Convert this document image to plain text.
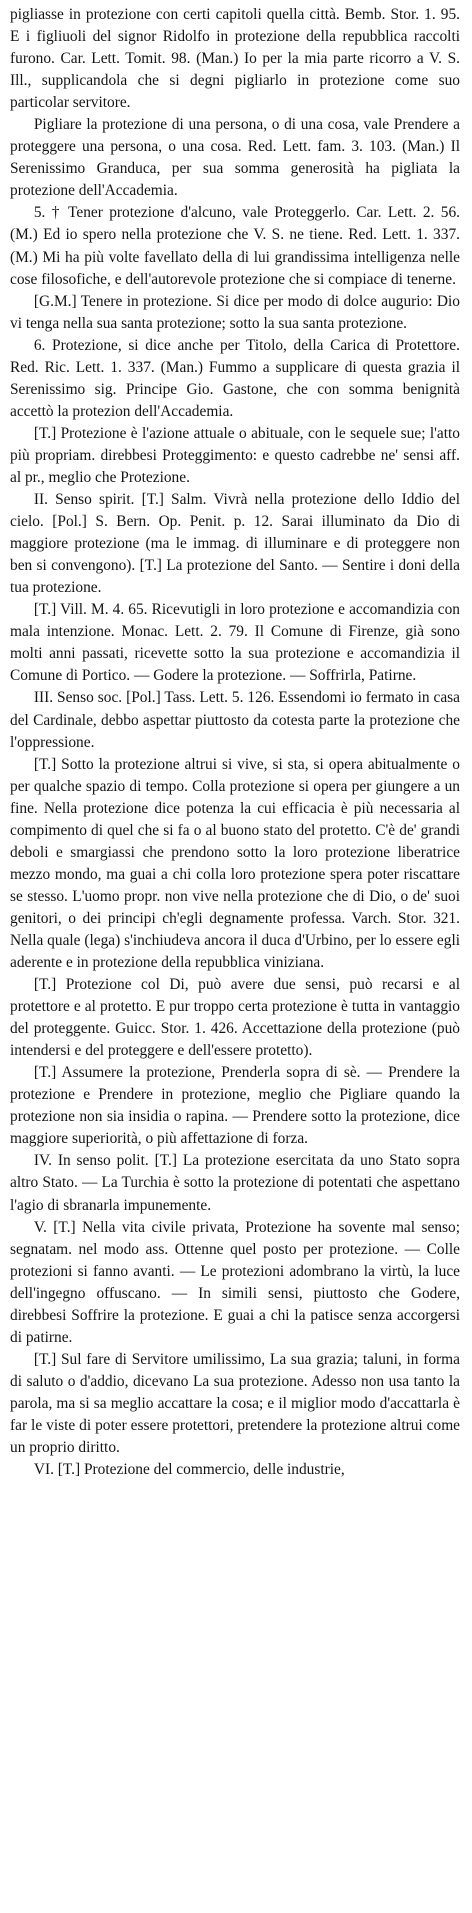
pigliasse in protezione con certi capitoli quella città. Bemb. Stor. 1. 95. E i figliuoli del signor Ridolfo in protezione della repubblica raccolti furono. Car. Lett. Tomit. 98. (Man.) Io per la mia parte ricorro a V. S. Ill., supplicandola che si degni pigliarlo in protezione come suo particolar servitore.

Pigliare la protezione di una persona, o di una cosa, vale Prendere a proteggere una persona, o una cosa. Red. Lett. fam. 3. 103. (Man.) Il Serenissimo Granduca, per sua somma generosità ha pigliata la protezione dell'Accademia.

5. † Tener protezione d'alcuno, vale Proteggerlo. Car. Lett. 2. 56. (M.) Ed io spero nella protezione che V. S. ne tiene. Red. Lett. 1. 337. (M.) Mi ha più volte favellato della di lui grandissima intelligenza nelle cose filosofiche, e dell'autorevole protezione che si compiace di tenerne.

[G.M.] Tenere in protezione. Si dice per modo di dolce augurio: Dio vi tenga nella sua santa protezione; sotto la sua santa protezione.

6. Protezione, si dice anche per Titolo, della Carica di Protettore. Red. Ric. Lett. 1. 337. (Man.) Fummo a supplicare di questa grazia il Serenissimo sig. Principe Gio. Gastone, che con somma benignità accettò la protezion dell'Accademia.

[T.] Protezione è l'azione attuale o abituale, con le sequele sue; l'atto più propriam. direbbesi Proteggimento: e questo cadrebbe ne' sensi aff. al pr., meglio che Protezione.

II. Senso spirit. [T.] Salm. Vivrà nella protezione dello Iddio del cielo. [Pol.] S. Bern. Op. Penit. p. 12. Sarai illuminato da Dio di maggiore protezione (ma le immag. di illuminare e di proteggere non ben si convengono). [T.] La protezione del Santo. — Sentire i doni della tua protezione.

[T.] Vill. M. 4. 65. Ricevutigli in loro protezione e accomandizia con mala intenzione. Monac. Lett. 2. 79. Il Comune di Firenze, già sono molti anni passati, ricevette sotto la sua protezione e accomandizia il Comune di Portico. — Godere la protezione. — Soffrirla, Patirne.

III. Senso soc. [Pol.] Tass. Lett. 5. 126. Essendomi io fermato in casa del Cardinale, debbo aspettar piuttosto da cotesta parte la protezione che l'oppressione.

[T.] Sotto la protezione altrui si vive, si sta, si opera abitualmente o per qualche spazio di tempo. Colla protezione si opera per giungere a un fine. Nella protezione dice potenza la cui efficacia è più necessaria al compimento di quel che si fa o al buono stato del protetto. C'è de' grandi deboli e smargiassi che prendono sotto la loro protezione liberatrice mezzo mondo, ma guai a chi colla loro protezione spera poter riscattare se stesso. L'uomo propr. non vive nella protezione che di Dio, o de' suoi genitori, o dei principi ch'egli degnamente professa. Varch. Stor. 321. Nella quale (lega) s'inchiudeva ancora il duca d'Urbino, per lo essere egli aderente e in protezione della repubblica viniziana.

[T.] Protezione col Di, può avere due sensi, può recarsi e al protettore e al protetto. E pur troppo certa protezione è tutta in vantaggio del proteggente. Guicc. Stor. 1. 426. Accettazione della protezione (può intendersi e del proteggere e dell'essere protetto).

[T.] Assumere la protezione, Prenderla sopra di sè. — Prendere la protezione e Prendere in protezione, meglio che Pigliare quando la protezione non sia insidia o rapina. — Prendere sotto la protezione, dice maggiore superiorità, o più affettazione di forza.

IV. In senso polit. [T.] La protezione esercitata da uno Stato sopra altro Stato. — La Turchia è sotto la protezione di potentati che aspettano l'agio di sbranarla impunemente.

V. [T.] Nella vita civile privata, Protezione ha sovente mal senso; segnatam. nel modo ass. Ottenne quel posto per protezione. — Colle protezioni si fanno avanti. — Le protezioni adombrano la virtù, la luce dell'ingegno offuscano. — In simili sensi, piuttosto che Godere, direbbesi Soffrire la protezione. E guai a chi la patisce senza accorgersi di patirne.

[T.] Sul fare di Servitore umilissimo, La sua grazia; taluni, in forma di saluto o d'addio, dicevano La sua protezione. Adesso non usa tanto la parola, ma si sa meglio accattare la cosa; e il miglior modo d'accattarla è far le viste di poter essere protettori, pretendere la protezione altrui come un proprio diritto.

VI. [T.] Protezione del commercio, delle industrie,
